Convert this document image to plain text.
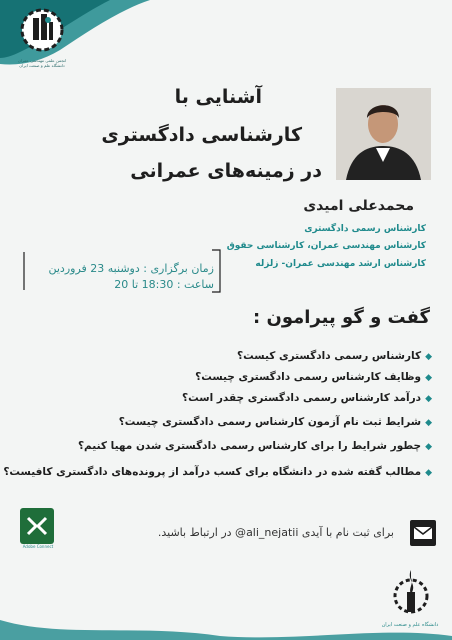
انجمن علمی مهندسی عمران دانشگاه علم و صنعت ایران
آشنایی با
کارشناسی دادگستری
در زمینه‌های عمرانی
محمدعلی امیدی
کارشناس رسمی دادگستری
کارشناس مهندسی عمران، کارشناسی حقوق
کارشناس ارشد مهندسی عمران- زلزله
زمان برگزاری : دوشنبه 23 فروردین
ساعت : 18:30 تا 20
گفت و گو پیرامون :
◆کارشناس رسمی دادگستری کیست؟
◆وظایف کارشناس رسمی دادگستری چیست؟
◆درآمد کارشناس رسمی دادگستری چقدر است؟
◆شرایط ثبت نام آزمون کارشناس رسمی دادگستری چیست؟
◆چطور شرایط را برای کارشناس رسمی دادگستری شدن مهیا کنیم؟
◆مطالب گفته شده در دانشگاه برای کسب درآمد از پرونده‌های دادگستری کافیست؟
Adobe Connect
برای ثبت نام با آیدی ali_nejatii@ در ارتباط باشید.
دانشگاه علم و صنعت ایران
